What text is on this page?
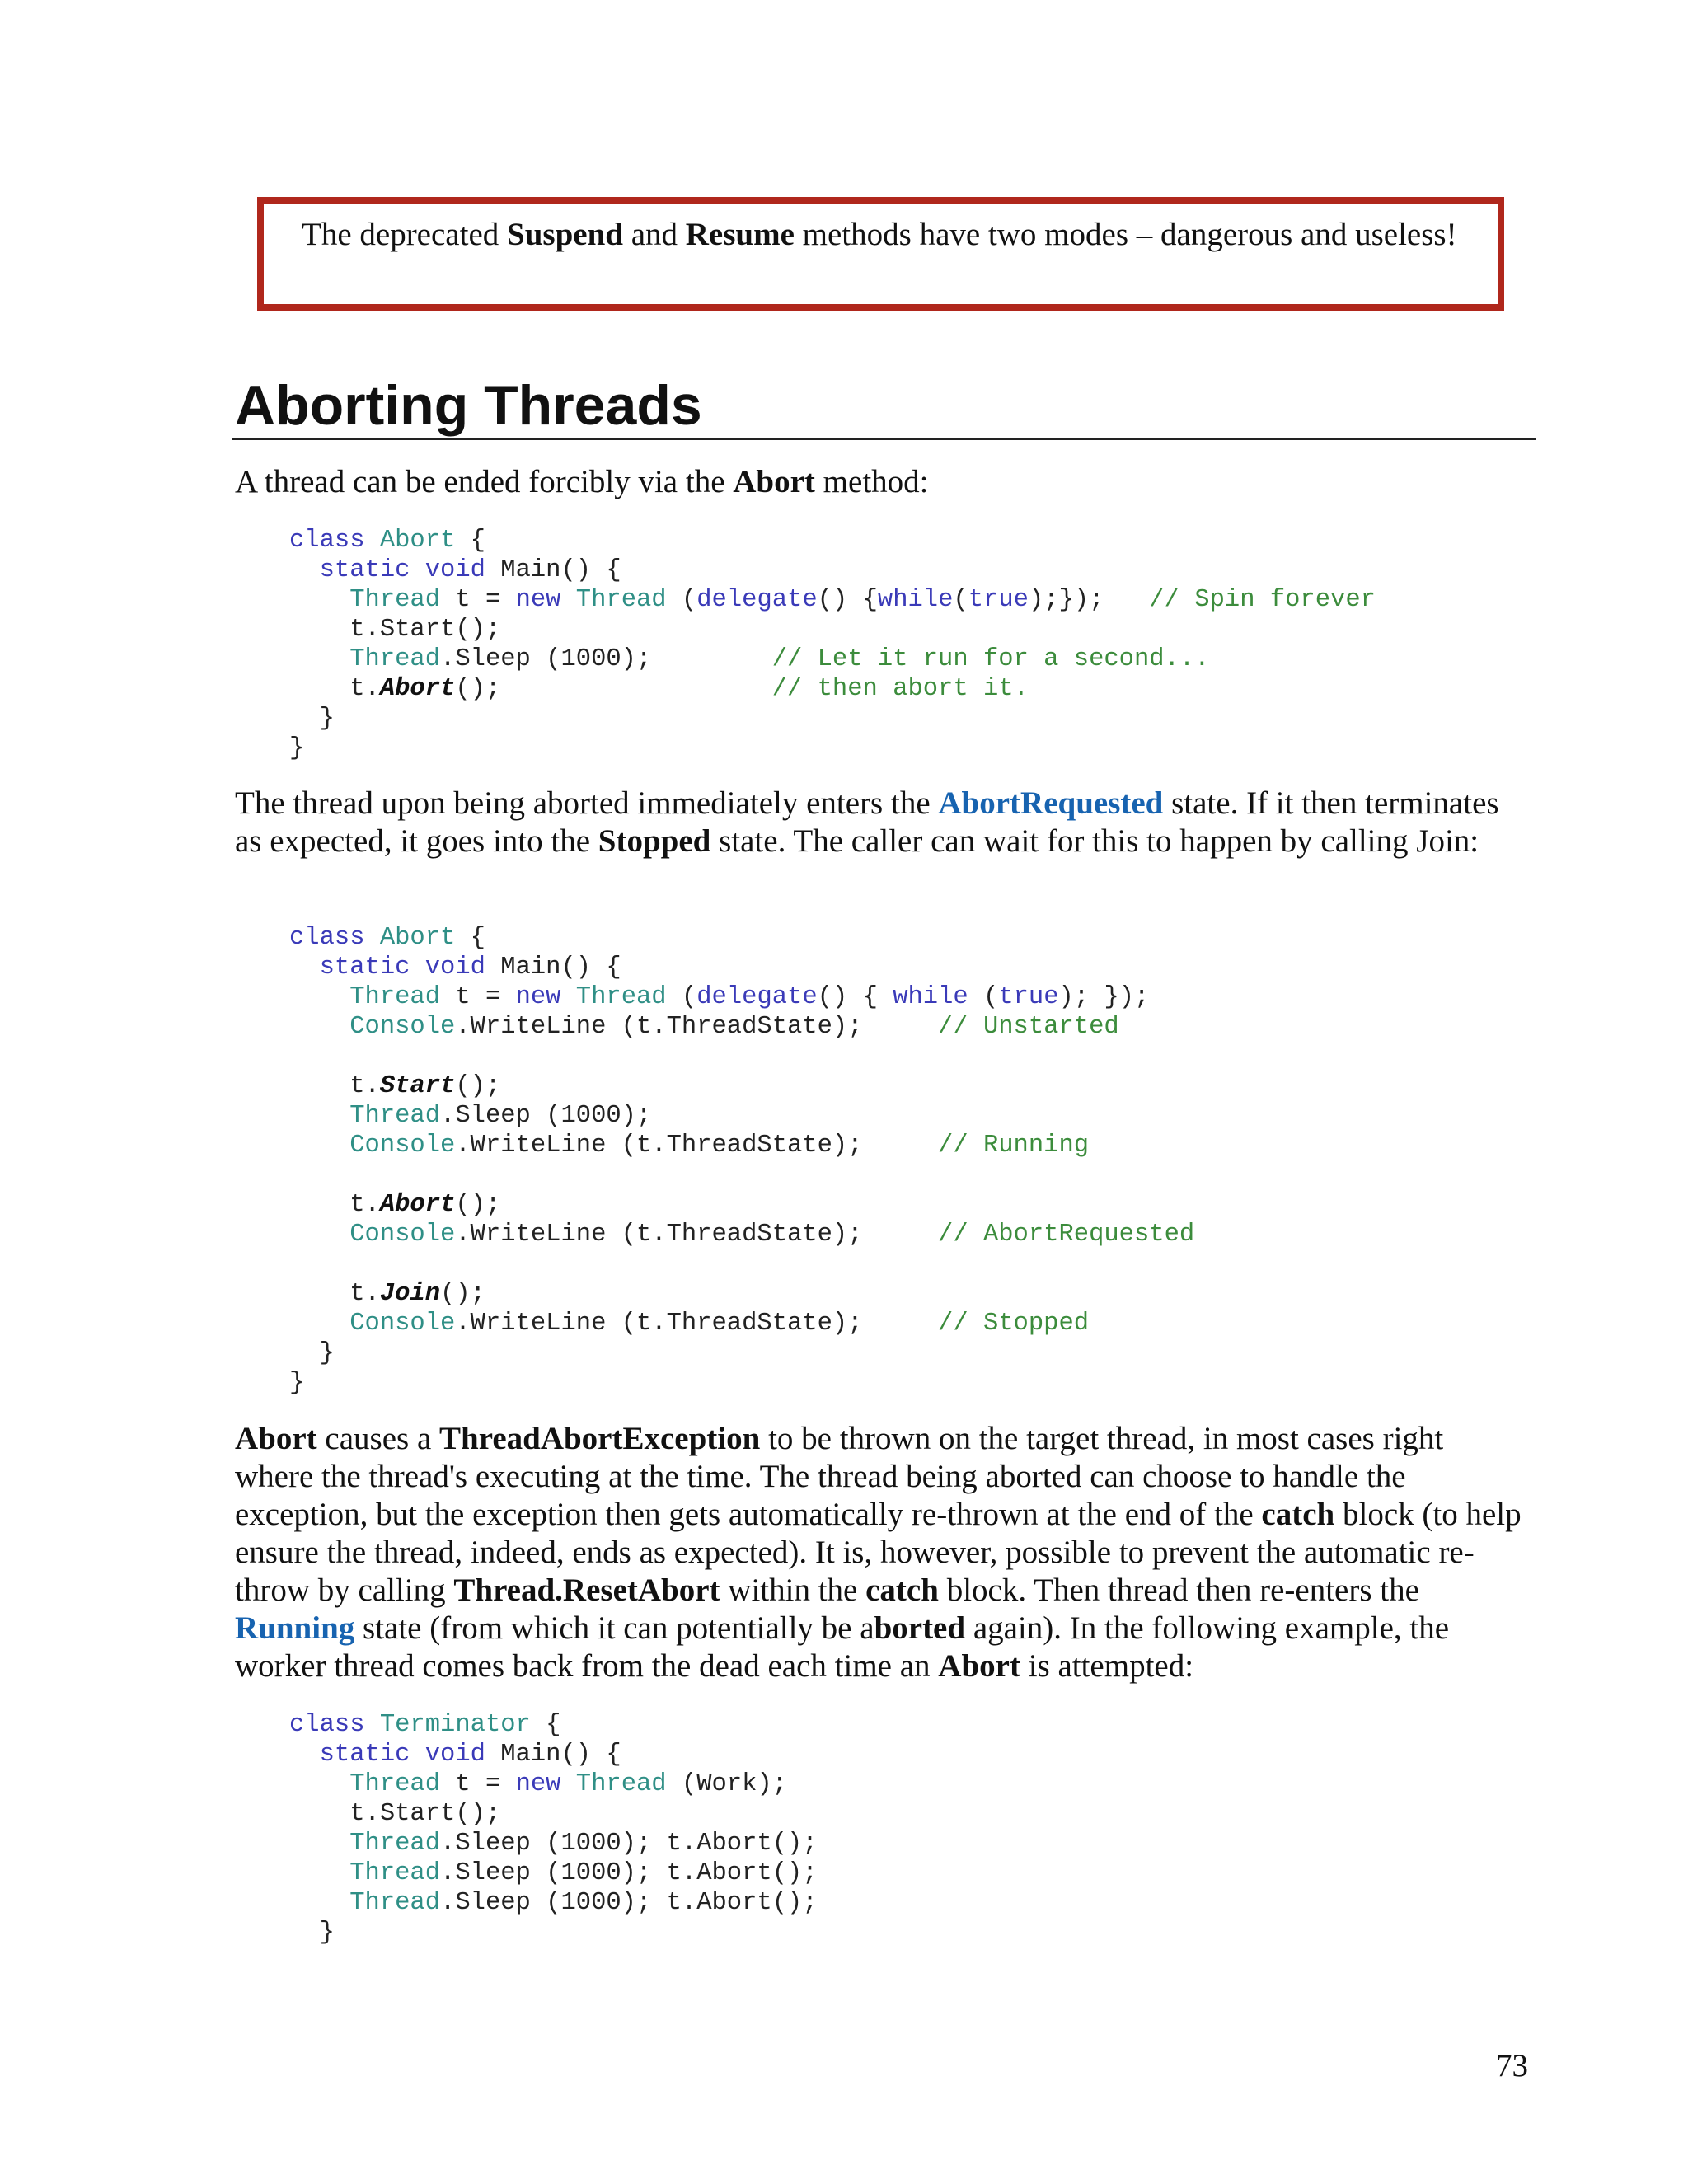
The deprecated Suspend and Resume methods have two modes – dangerous and useless!

Aborting Threads

A thread can be ended forcibly via the Abort method:

class Abort {
static void Main() {
Thread t = new Thread (delegate() {while(true);});   // Spin forever
t.Start();
Thread.Sleep (1000);        // Let it run for a second...
t.Abort();                  // then abort it.
}
}

The thread upon being aborted immediately enters the AbortRequested state. If it then terminates as expected, it goes into the Stopped state. The caller can wait for this to happen by calling Join:

class Abort {
static void Main() {
Thread t = new Thread (delegate() { while (true); });
Console.WriteLine (t.ThreadState);     // Unstarted

t.Start();
Thread.Sleep (1000);
Console.WriteLine (t.ThreadState);     // Running

t.Abort();
Console.WriteLine (t.ThreadState);     // AbortRequested

t.Join();
Console.WriteLine (t.ThreadState);     // Stopped
}
}

Abort causes a ThreadAbortException to be thrown on the target thread, in most cases right where the thread's executing at the time. The thread being aborted can choose to handle the exception, but the exception then gets automatically re-thrown at the end of the catch block (to help ensure the thread, indeed, ends as expected). It is, however, possible to prevent the automatic re-throw by calling Thread.ResetAbort within the catch block. Then thread then re-enters the Running state (from which it can potentially be aborted again). In the following example, the worker thread comes back from the dead each time an Abort is attempted:

class Terminator {
static void Main() {
Thread t = new Thread (Work);
t.Start();
Thread.Sleep (1000); t.Abort();
Thread.Sleep (1000); t.Abort();
Thread.Sleep (1000); t.Abort();
}
73
